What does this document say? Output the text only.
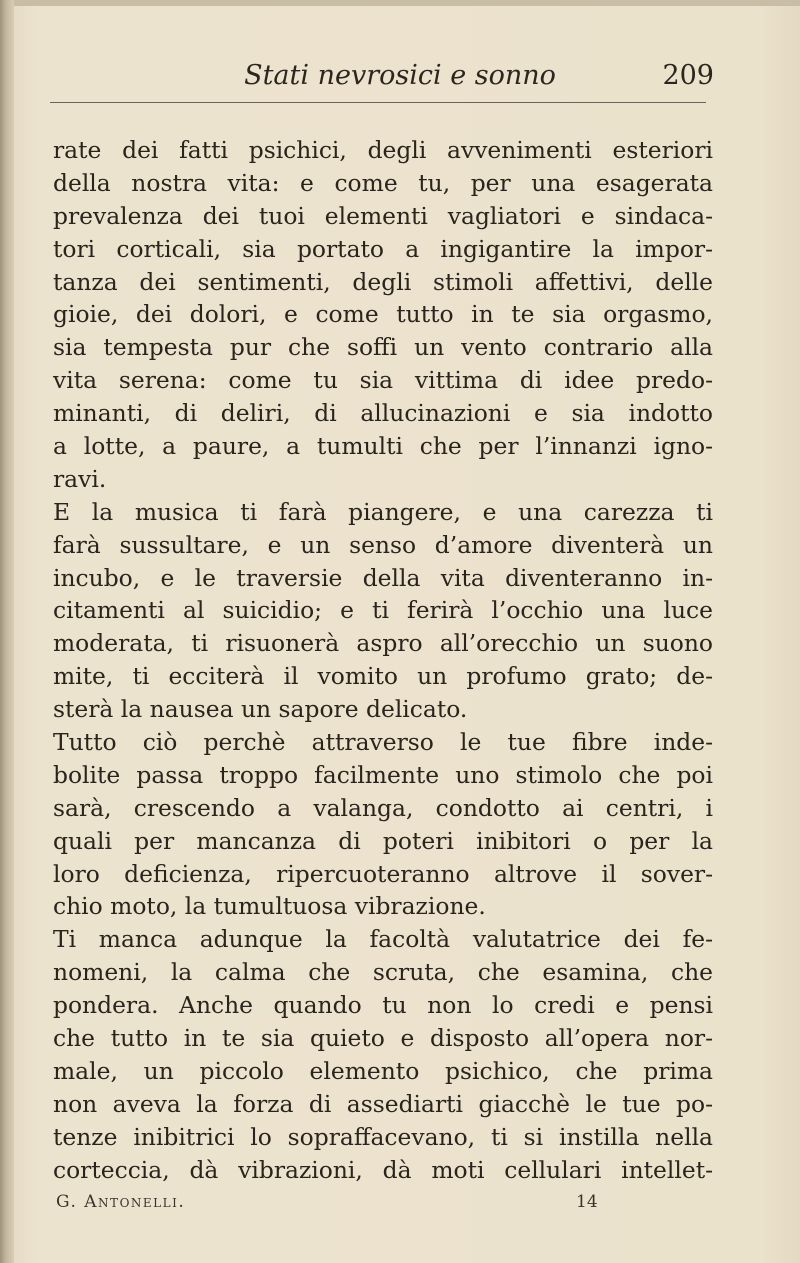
Stati nevrosici e sonno	209
rate dei fatti psichici, degli avvenimenti esteriori
della nostra vita: e come tu, per una esagerata
prevalenza dei tuoi elementi vagliatori e sindaca-
tori corticali, sia portato a ingigantire la impor-
tanza dei sentimenti, degli stimoli affettivi, delle
gioie, dei dolori, e come tutto in te sia orgasmo,
sia tempesta pur che soffi un vento contrario alla
vita serena: come tu sia vittima di idee predo-
minanti, di deliri, di allucinazioni e sia indotto
a lotte, a paure, a tumulti che per l’innanzi igno-
ravi.
E la musica ti farà piangere, e una carezza ti
farà sussultare, e un senso d’amore diventerà un
incubo, e le traversie della vita diventeranno in-
citamenti al suicidio; e ti ferirà l’occhio una luce
moderata, ti risuonerà aspro all’orecchio un suono
mite, ti ecciterà il vomito un profumo grato; de-
sterà la nausea un sapore delicato.
Tutto ciò perchè attraverso le tue fibre inde-
bolite passa troppo facilmente uno stimolo che poi
sarà, crescendo a valanga, condotto ai centri, i
quali per mancanza di poteri inibitori o per la
loro deficienza, ripercuoteranno altrove il sover-
chio moto, la tumultuosa vibrazione.
Ti manca adunque la facoltà valutatrice dei fe-
nomeni, la calma che scruta, che esamina, che
pondera. Anche quando tu non lo credi e pensi
che tutto in te sia quieto e disposto all’opera nor-
male, un piccolo elemento psichico, che prima
non aveva la forza di assediarti giacchè le tue po-
tenze inibitrici lo sopraffacevano, ti si instilla nella
corteccia, dà vibrazioni, dà moti cellulari intellet-
G. Antonelli.	14
